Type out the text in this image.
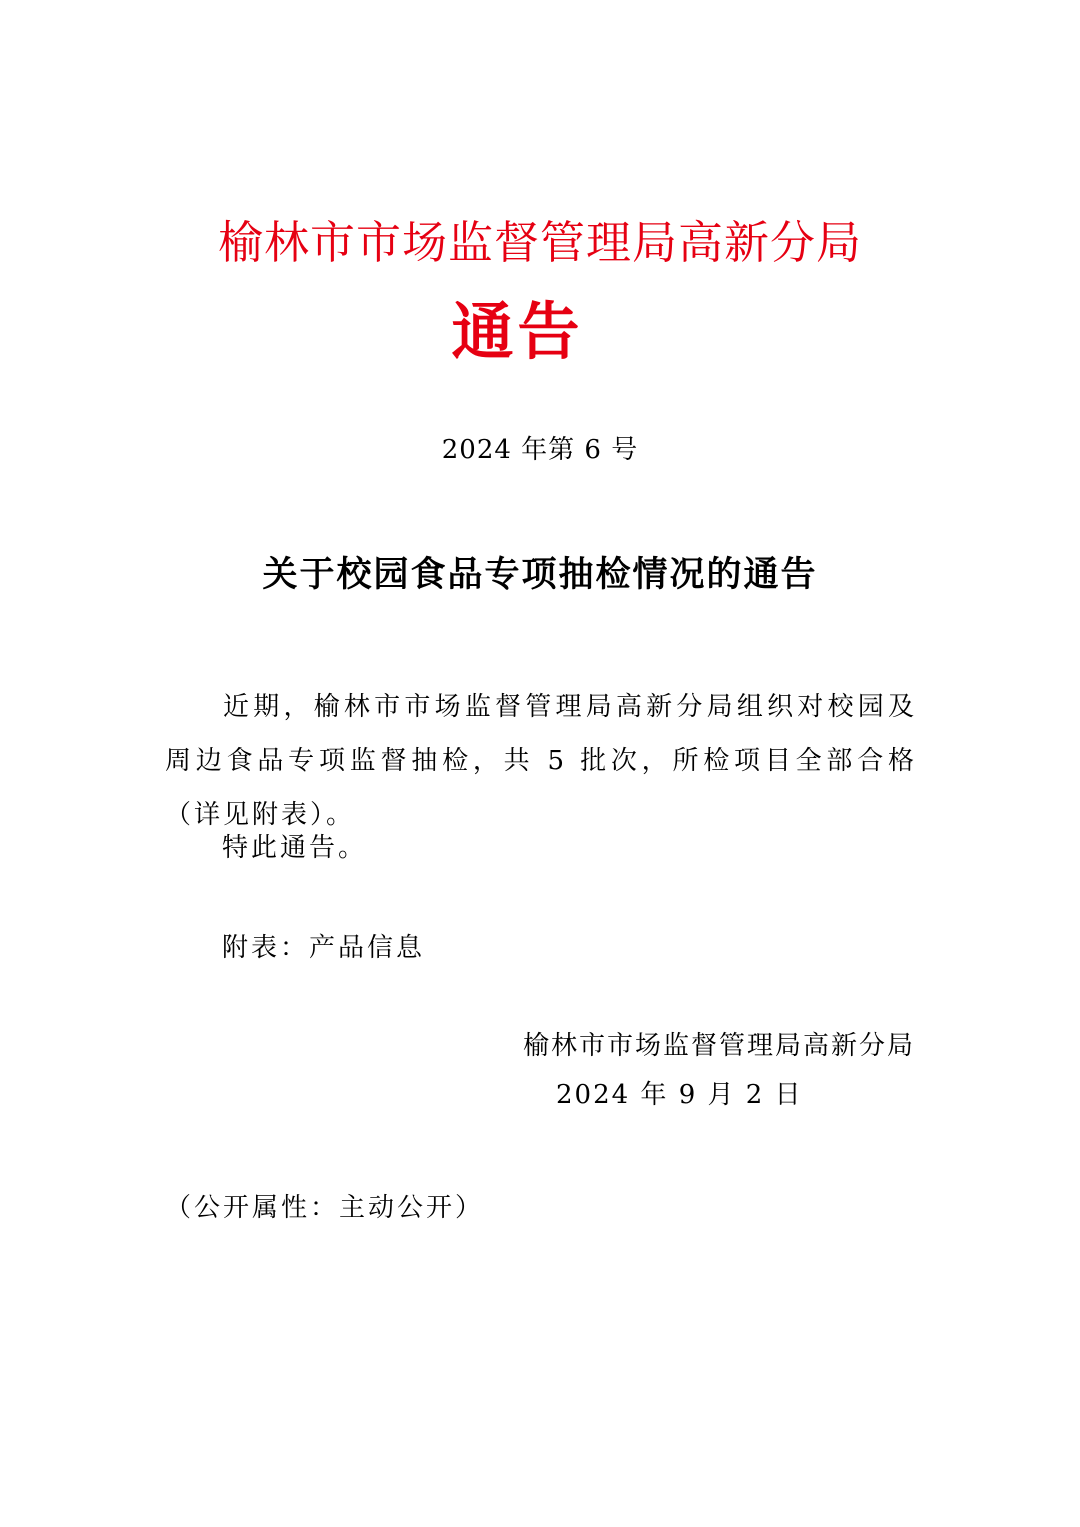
榆林市市场监督管理局高新分局
通告
2024 年第 6 号
关于校园食品专项抽检情况的通告
近期，榆林市市场监督管理局高新分局组织对校园及周边食品专项监督抽检，共 5 批次，所检项目全部合格（详见附表）。
特此通告。
附表：产品信息
榆林市市场监督管理局高新分局
2024 年 9 月 2 日
（公开属性：主动公开）
